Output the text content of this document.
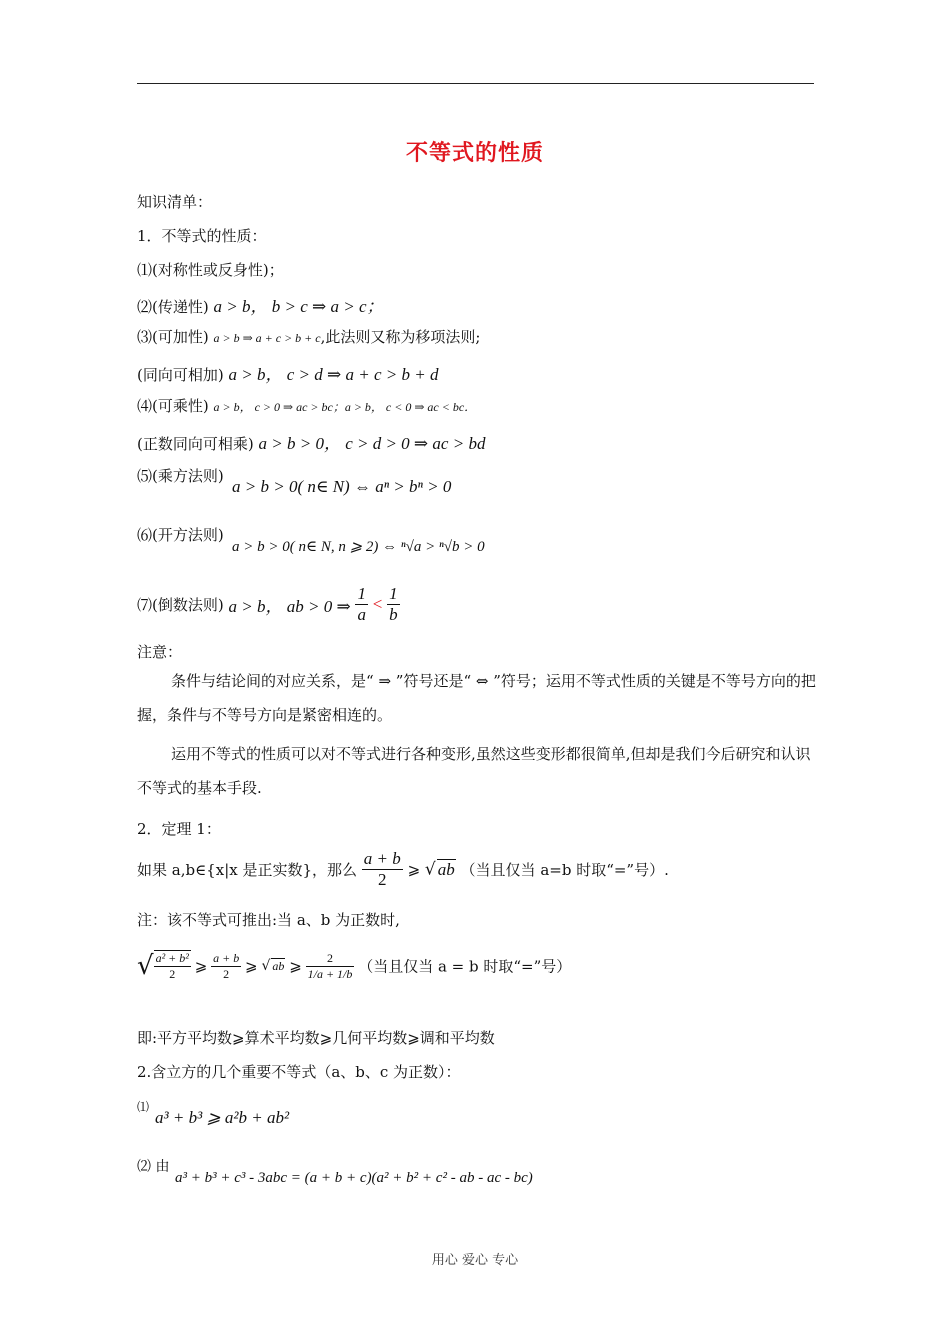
不等式的性质
知识清单：
1．不等式的性质：
⑴(对称性或反身性)；
⑵(传递性) a > b， b > c ⇒ a > c；
⑶(可加性) a > b ⇒ a + c > b + c,此法则又称为移项法则;
(同向可相加) a > b， c > d ⇒ a + c > b + d
⑷(可乘性) a > b， c > 0 ⇒ ac > bc；a > b， c < 0 ⇒ ac < bc．
(正数同向可相乘) a > b > 0， c > d > 0 ⇒ ac > bd
⑸(乘方法则)
a > b > 0( n∈ N) ⇔ aⁿ > bⁿ > 0
⑹(开方法则)
a > b > 0( n∈ N, n ⩾ 2) ⇔ ⁿ√a > ⁿ√b > 0
⑺(倒数法则) a > b， ab > 0 ⇒ $\frac{1}{a} < \frac{1}{b}$
注意：
条件与结论间的对应关系，是“ ⇒ ”符号还是“ ⇔ ”符号；运用不等式性质的关键是不等号方向的把握，条件与不等号方向是紧密相连的。
运用不等式的性质可以对不等式进行各种变形,虽然这些变形都很简单,但却是我们今后研究和认识不等式的基本手段.
2．定理 1：
如果 a,b∈{x|x 是正实数}，那么 $\frac{a + b}{2}$ ⩾ √ ab （当且仅当 a=b 时取“=”号）.
注：该不等式可推出:当 a、b 为正数时,
√ $\frac{\text{a² + b²}}{2}$ ⩾ $\frac{a + b}{2}$ ⩾ √ ab ⩾ $\frac{2}{1/a + 1/b}$ （当且仅当 a = b 时取“=”号）
即:平方平均数⩾算术平均数⩾几何平均数⩾调和平均数
2.含立方的几个重要不等式（a、b、c 为正数）：
⑴
a³ + b³ ⩾ a²b + ab²
⑵ 由
a³ + b³ + c³ - 3abc = (a + b + c)(a² + b² + c² - ab - ac - bc)
用心 爱心 专心
